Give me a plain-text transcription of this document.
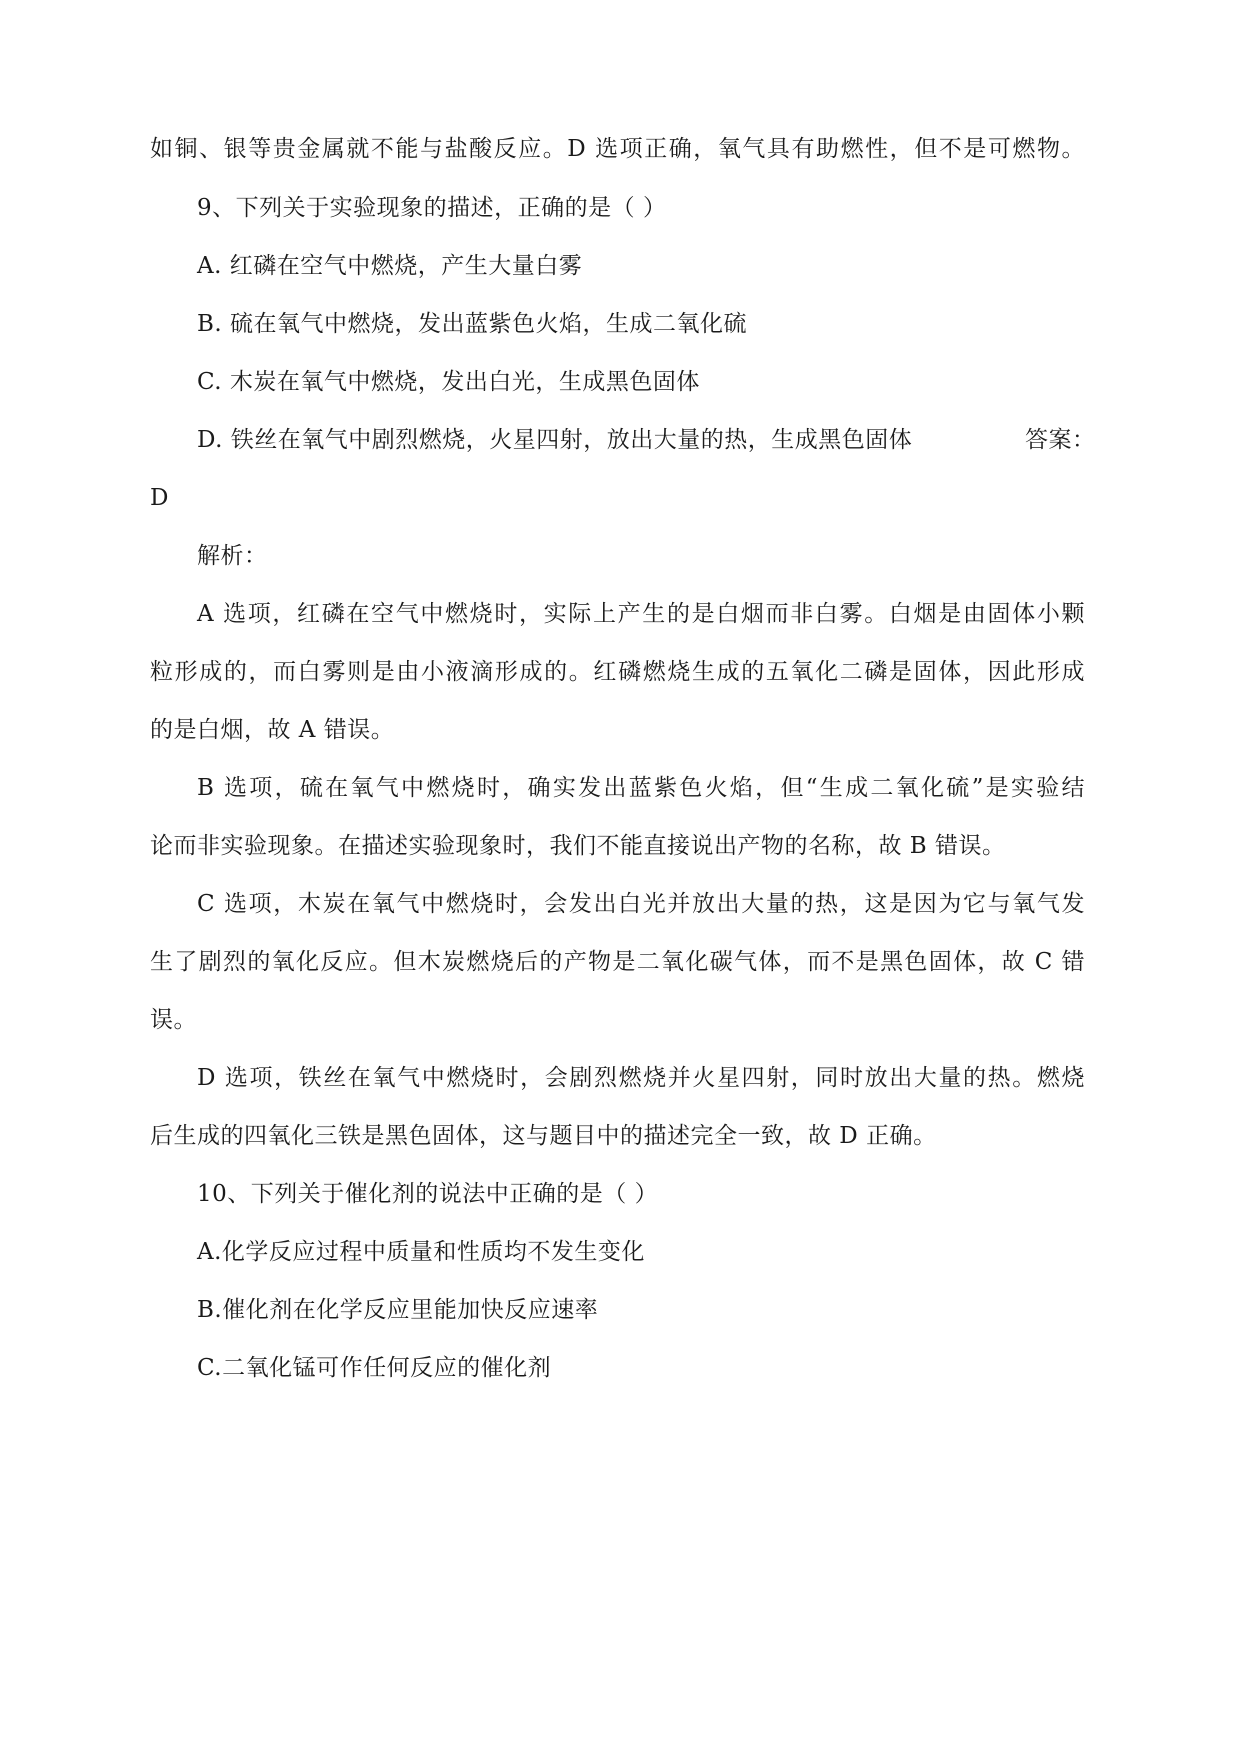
如铜、银等贵金属就不能与盐酸反应。D 选项正确，氧气具有助燃性，但不是可燃物。
9、下列关于实验现象的描述，正确的是（ ）
A. 红磷在空气中燃烧，产生大量白雾
B. 硫在氧气中燃烧，发出蓝紫色火焰，生成二氧化硫
C. 木炭在氧气中燃烧，发出白光，生成黑色固体
D. 铁丝在氧气中剧烈燃烧，火星四射，放出大量的热，生成黑色固体	答案：
D
解析：
A 选项，红磷在空气中燃烧时，实际上产生的是白烟而非白雾。白烟是由固体小颗
粒形成的，而白雾则是由小液滴形成的。红磷燃烧生成的五氧化二磷是固体，因此形成
的是白烟，故 A 错误。
B 选项，硫在氧气中燃烧时，确实发出蓝紫色火焰，但“生成二氧化硫”是实验结
论而非实验现象。在描述实验现象时，我们不能直接说出产物的名称，故 B 错误。
C 选项，木炭在氧气中燃烧时，会发出白光并放出大量的热，这是因为它与氧气发
生了剧烈的氧化反应。但木炭燃烧后的产物是二氧化碳气体，而不是黑色固体，故 C 错
误。
D 选项，铁丝在氧气中燃烧时，会剧烈燃烧并火星四射，同时放出大量的热。燃烧
后生成的四氧化三铁是黑色固体，这与题目中的描述完全一致，故 D 正确。
10、下列关于催化剂的说法中正确的是（ ）
A.化学反应过程中质量和性质均不发生变化
B.催化剂在化学反应里能加快反应速率
C.二氧化锰可作任何反应的催化剂
